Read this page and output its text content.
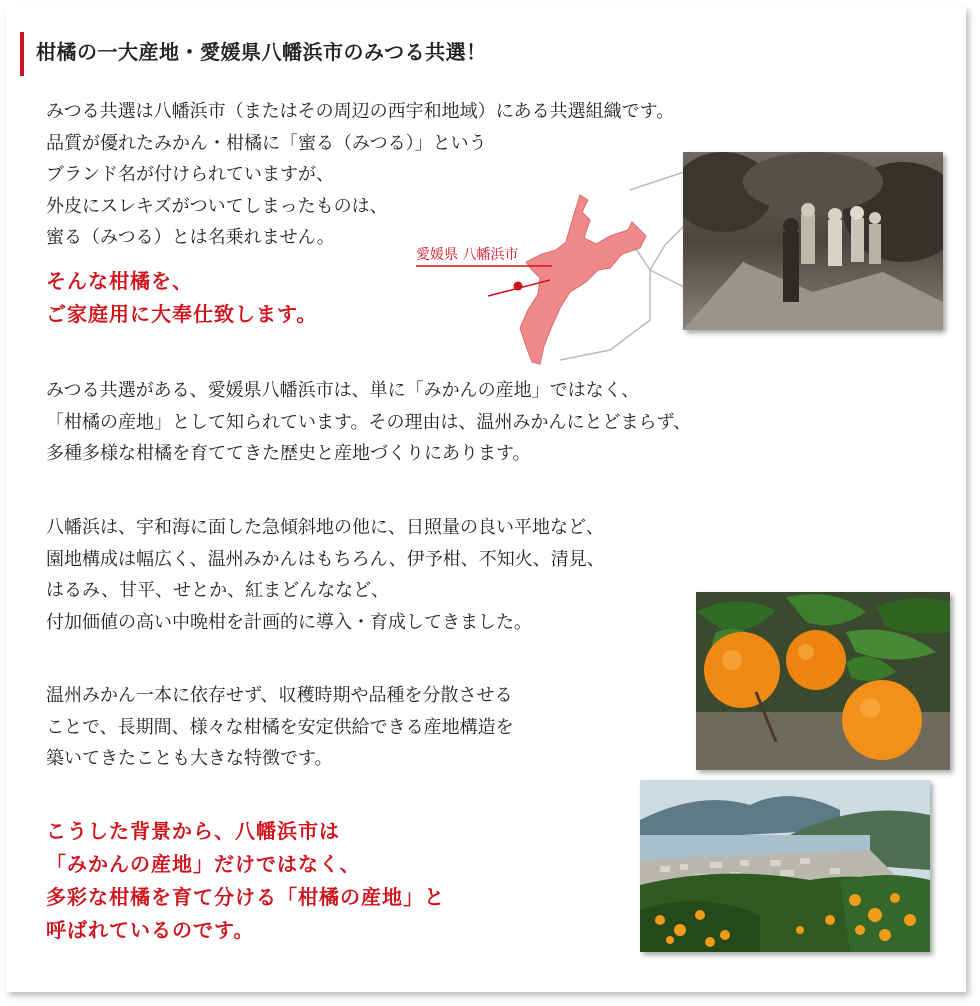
柑橘の一大産地・愛媛県八幡浜市のみつる共選！
みつる共選は八幡浜市（またはその周辺の西宇和地域）にある共選組織です。
品質が優れたみかん・柑橘に「蜜る（みつる）」という
ブランド名が付けられていますが、
外皮にスレキズがついてしまったものは、
蜜る（みつる）とは名乗れません。
そんな柑橘を、
ご家庭用に大奉仕致します。
愛媛県 八幡浜市
みつる共選がある、愛媛県八幡浜市は、単に「みかんの産地」ではなく、
「柑橘の産地」として知られています。その理由は、温州みかんにとどまらず、
多種多様な柑橘を育ててきた歴史と産地づくりにあります。
八幡浜は、宇和海に面した急傾斜地の他に、日照量の良い平地など、
園地構成は幅広く、温州みかんはもちろん、伊予柑、不知火、清見、
はるみ、甘平、せとか、紅まどんななど、
付加価値の高い中晩柑を計画的に導入・育成してきました。
温州みかん一本に依存せず、収穫時期や品種を分散させる
ことで、長期間、様々な柑橘を安定供給できる産地構造を
築いてきたことも大きな特徴です。
こうした背景から、八幡浜市は
「みかんの産地」だけではなく、
多彩な柑橘を育て分ける「柑橘の産地」と
呼ばれているのです。
